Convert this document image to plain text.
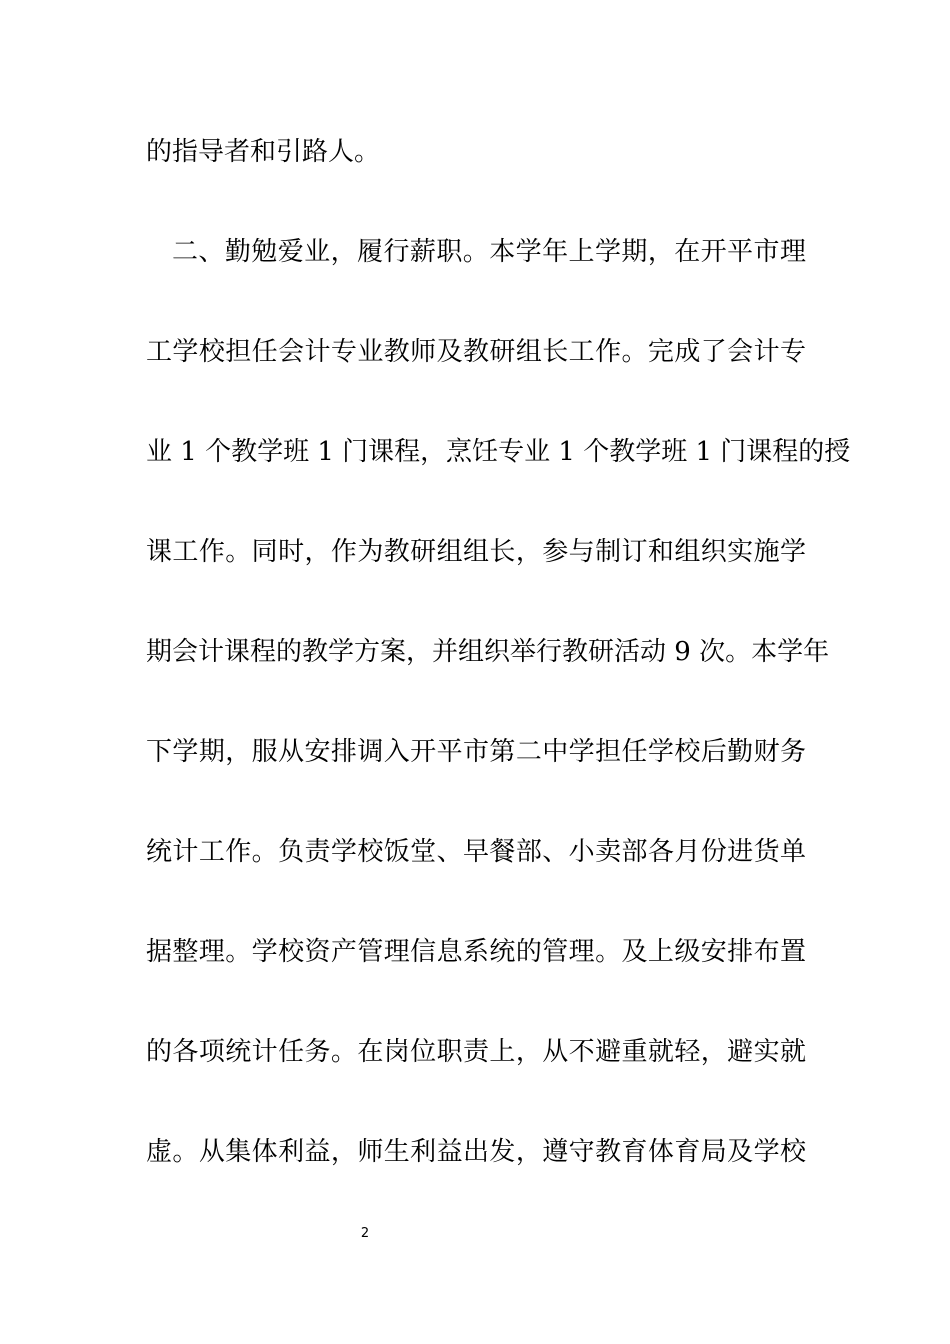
的指导者和引路人。
二、勤勉爱业，履行薪职。本学年上学期，在开平市理
工学校担任会计专业教师及教研组长工作。完成了会计专
业 1 个教学班 1 门课程，烹饪专业 1 个教学班 1 门课程的授
课工作。同时，作为教研组组长，参与制订和组织实施学
期会计课程的教学方案，并组织举行教研活动 9 次。本学年
下学期，服从安排调入开平市第二中学担任学校后勤财务
统计工作。负责学校饭堂、早餐部、小卖部各月份进货单
据整理。学校资产管理信息系统的管理。及上级安排布置
的各项统计任务。在岗位职责上，从不避重就轻，避实就
虚。从集体利益，师生利益出发，遵守教育体育局及学校
2
